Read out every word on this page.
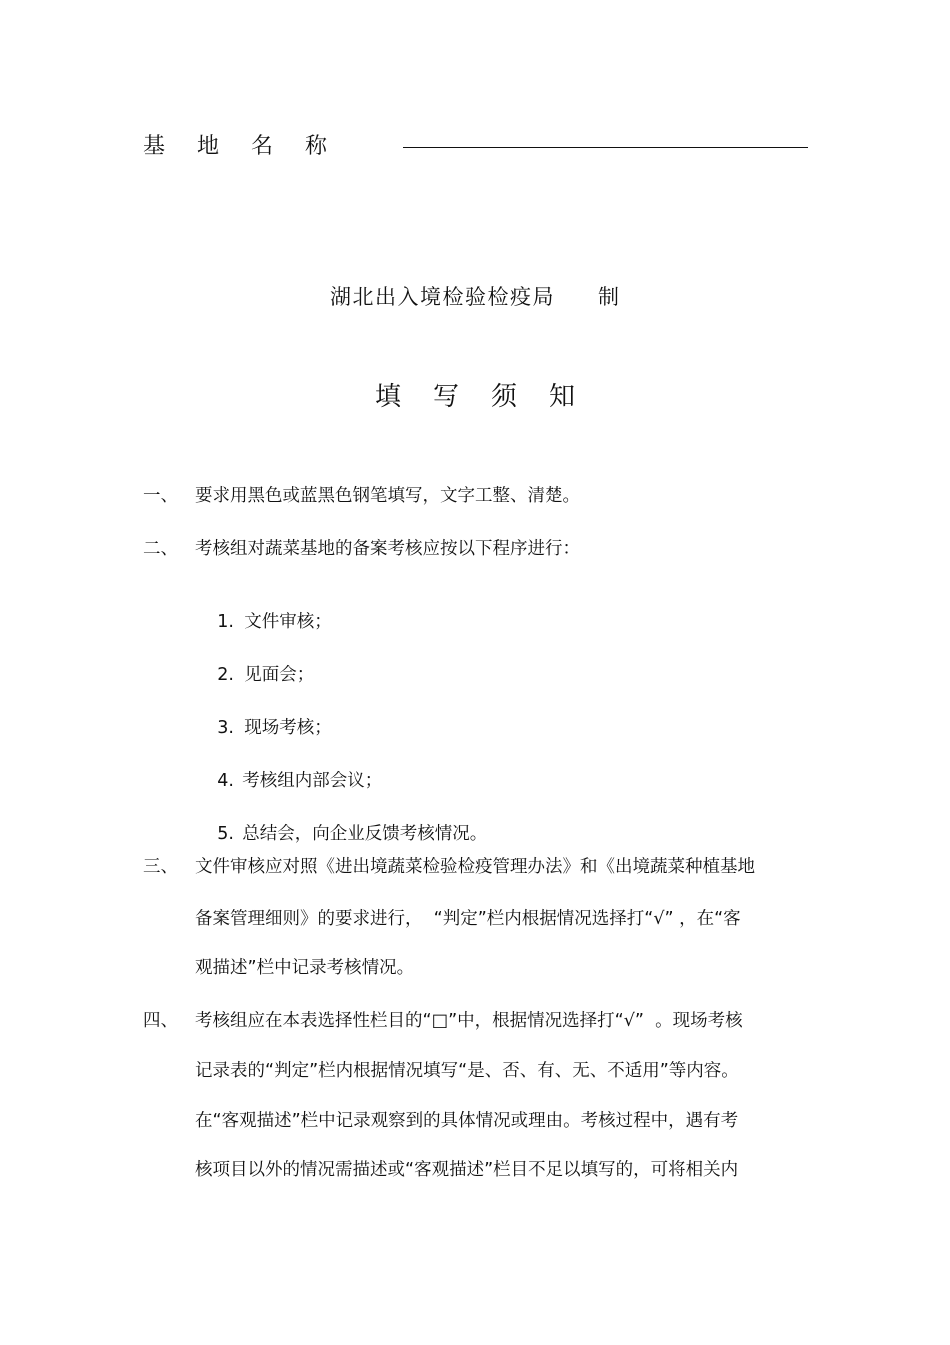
基地名称
湖北出入境检验检疫局 制
填写须知
一、 要求用黑色或蓝黑色钢笔填写，文字工整、清楚。
二、 考核组对蔬菜基地的备案考核应按以下程序进行：

1. 文件审核；

2. 见面会；

3. 现场考核；

4. 考核组内部会议；

5. 总结会，向企业反馈考核情况。

三、 文件审核应对照《进出境蔬菜检验检疫管理办法》和《出境蔬菜种植基地
备案管理细则》的要求进行，  “判定”栏内根据情况选择打“√” ，在“客
观描述”栏中记录考核情况。
四、 考核组应在本表选择性栏目的“□”中，根据情况选择打“√”  。现场考核
记录表的“判定”栏内根据情况填写“是、否、有、无、不适用”等内容。
在“客观描述”栏中记录观察到的具体情况或理由。考核过程中，遇有考
核项目以外的情况需描述或“客观描述”栏目不足以填写的，可将相关内
